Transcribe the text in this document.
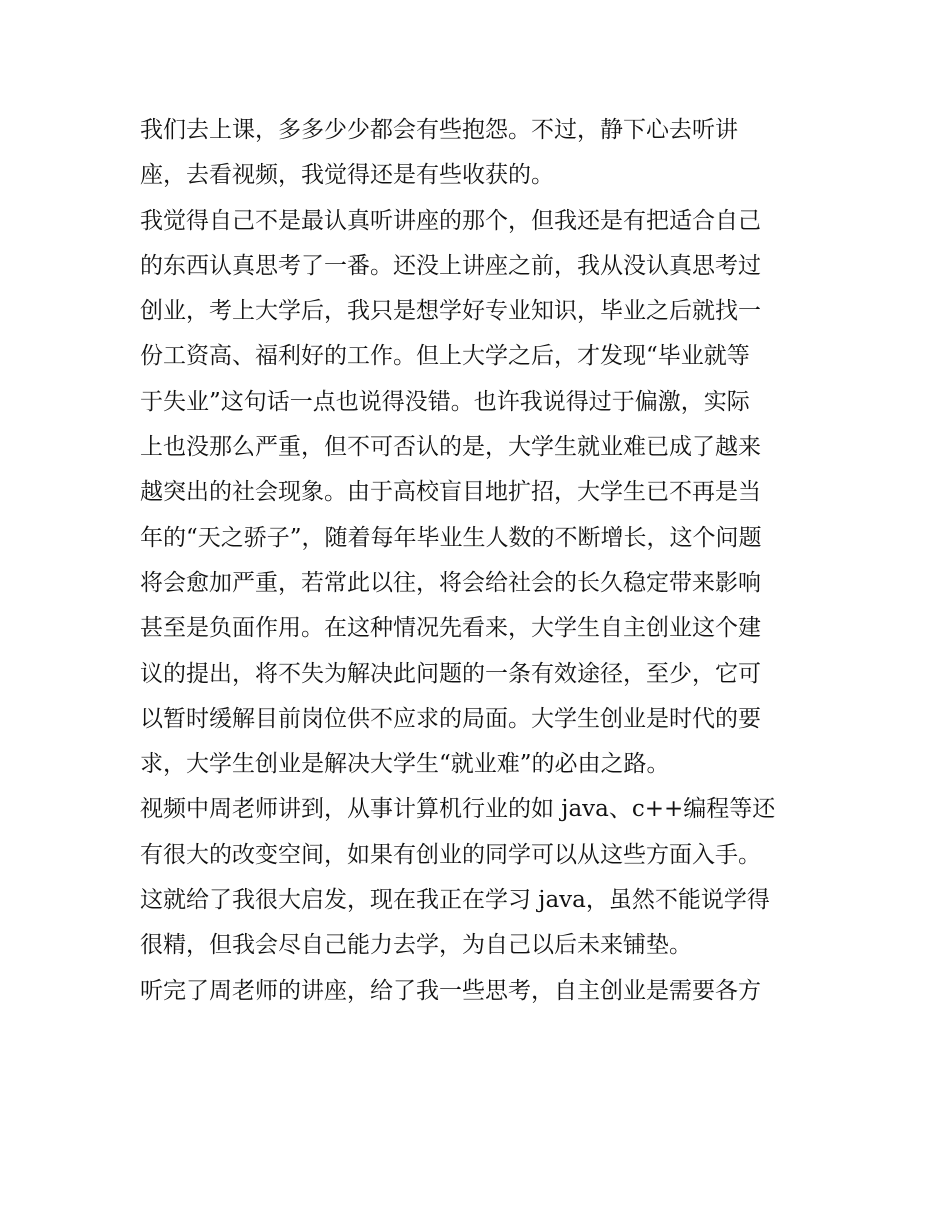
我们去上课，多多少少都会有些抱怨。不过，静下心去听讲
座，去看视频，我觉得还是有些收获的。
我觉得自己不是最认真听讲座的那个，但我还是有把适合自己
的东西认真思考了一番。还没上讲座之前，我从没认真思考过
创业，考上大学后，我只是想学好专业知识，毕业之后就找一
份工资高、福利好的工作。但上大学之后，才发现“毕业就等
于失业”这句话一点也说得没错。也许我说得过于偏激，实际
上也没那么严重，但不可否认的是，大学生就业难已成了越来
越突出的社会现象。由于高校盲目地扩招，大学生已不再是当
年的“天之骄子”，随着每年毕业生人数的不断增长，这个问题
将会愈加严重，若常此以往，将会给社会的长久稳定带来影响
甚至是负面作用。在这种情况先看来，大学生自主创业这个建
议的提出，将不失为解决此问题的一条有效途径，至少，它可
以暂时缓解目前岗位供不应求的局面。大学生创业是时代的要
求，大学生创业是解决大学生“就业难”的必由之路。
视频中周老师讲到，从事计算机行业的如 java、c++编程等还
有很大的改变空间，如果有创业的同学可以从这些方面入手。
这就给了我很大启发，现在我正在学习 java，虽然不能说学得
很精，但我会尽自己能力去学，为自己以后未来铺垫。
听完了周老师的讲座，给了我一些思考，自主创业是需要各方
